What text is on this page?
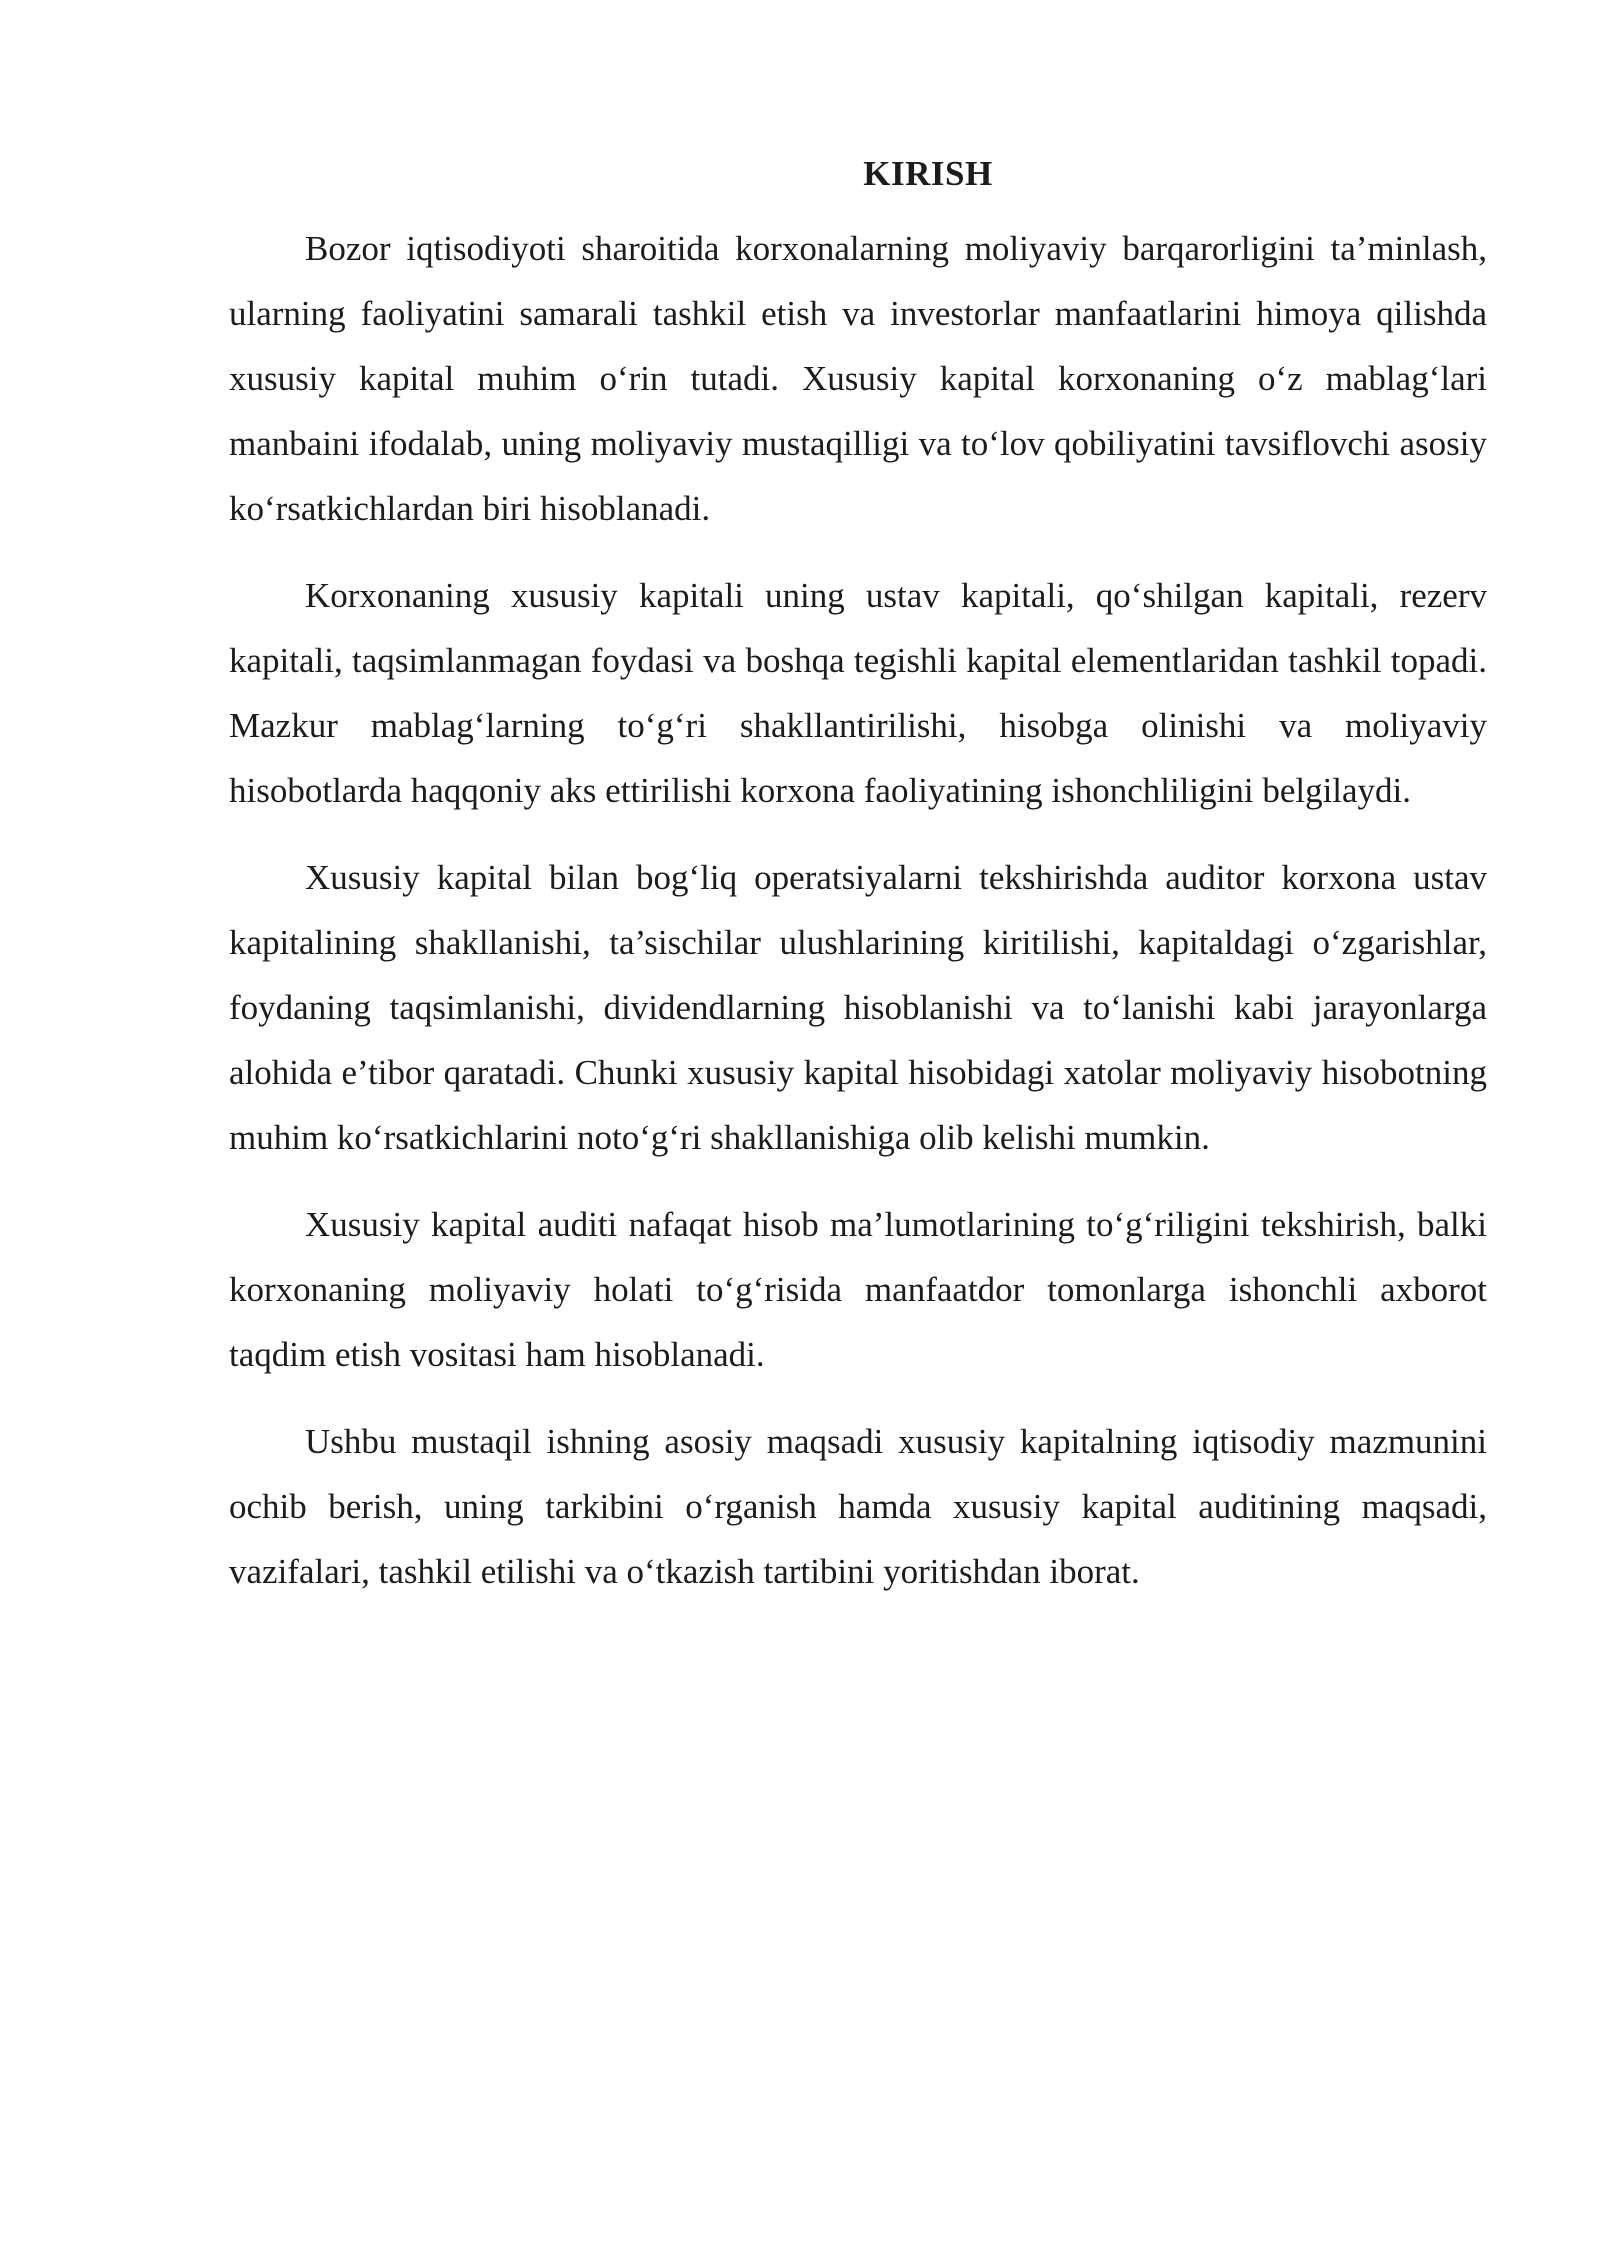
KIRISH

Bozor iqtisodiyoti sharoitida korxonalarning moliyaviy barqarorligini ta’minlash, ularning faoliyatini samarali tashkil etish va investorlar manfaatlarini himoya qilishda xususiy kapital muhim o‘rin tutadi. Xususiy kapital korxonaning o‘z mablag‘lari manbaini ifodalab, uning moliyaviy mustaqilligi va to‘lov qobiliyatini tavsiflovchi asosiy ko‘rsatkichlardan biri hisoblanadi.

Korxonaning xususiy kapitali uning ustav kapitali, qo‘shilgan kapitali, rezerv kapitali, taqsimlanmagan foydasi va boshqa tegishli kapital elementlaridan tashkil topadi. Mazkur mablag‘larning to‘g‘ri shakllantirilishi, hisobga olinishi va moliyaviy hisobotlarda haqqoniy aks ettirilishi korxona faoliyatining ishonchliligini belgilaydi.

Xususiy kapital bilan bog‘liq operatsiyalarni tekshirishda auditor korxona ustav kapitalining shakllanishi, ta’sischilar ulushlarining kiritilishi, kapitaldagi o‘zgarishlar, foydaning taqsimlanishi, dividendlarning hisoblanishi va to‘lanishi kabi jarayonlarga alohida e’tibor qaratadi. Chunki xususiy kapital hisobidagi xatolar moliyaviy hisobotning muhim ko‘rsatkichlarini noto‘g‘ri shakllanishiga olib kelishi mumkin.

Xususiy kapital auditi nafaqat hisob ma’lumotlarining to‘g‘riligini tekshirish, balki korxonaning moliyaviy holati to‘g‘risida manfaatdor tomonlarga ishonchli axborot taqdim etish vositasi ham hisoblanadi.

Ushbu mustaqil ishning asosiy maqsadi xususiy kapitalning iqtisodiy mazmunini ochib berish, uning tarkibini o‘rganish hamda xususiy kapital auditining maqsadi, vazifalari, tashkil etilishi va o‘tkazish tartibini yoritishdan iborat.
